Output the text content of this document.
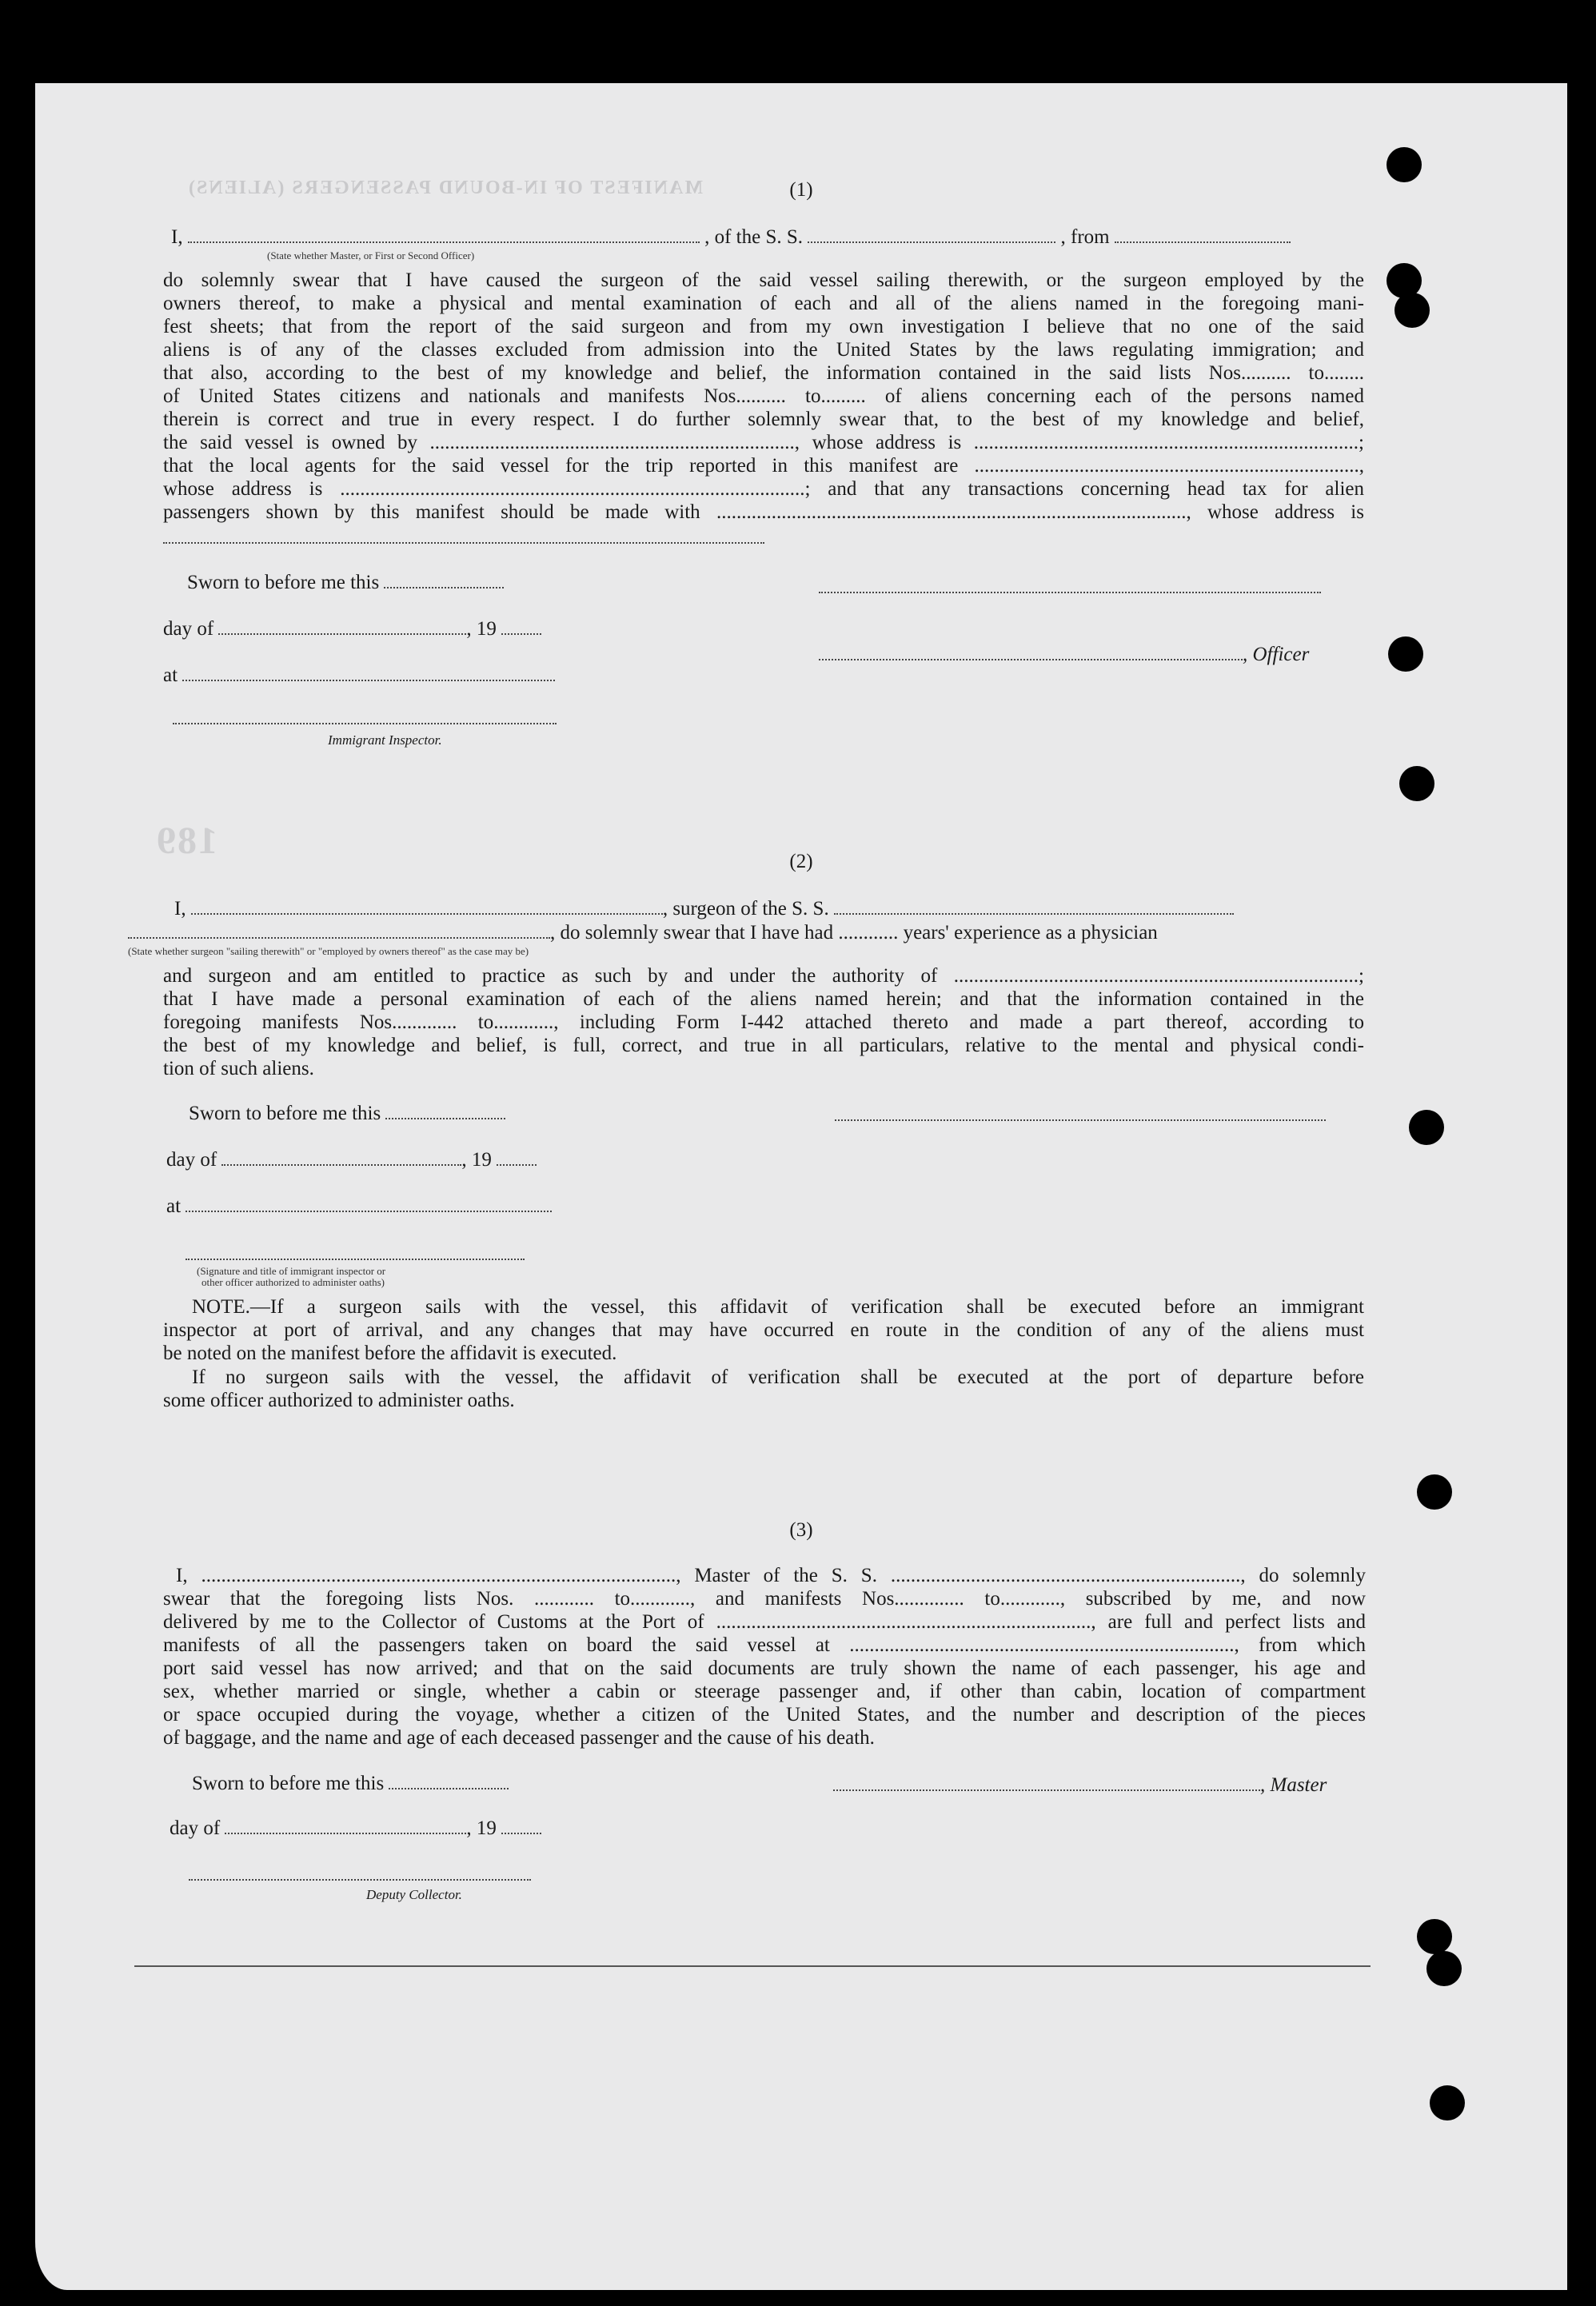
MANIFEST OF IN-BOUND PASSENGERS (ALIENS)
189
(1)
I,	, of the S. S.	, from
(State whether Master, or First or Second Officer)
do solemnly swear that I have caused the surgeon of the said vessel sailing therewith, or the surgeon employed by the
owners thereof, to make a physical and mental examination of each and all of the aliens named in the foregoing mani-
fest sheets; that from the report of the said surgeon and from my own investigation I believe that no one of the said
aliens is of any of the classes excluded from admission into the United States by the laws regulating immigration; and
that also, according to the best of my knowledge and belief, the information contained in the said lists Nos.......... to........
of United States citizens and nationals and manifests Nos.......... to......... of aliens concerning each of the persons named
therein is correct and true in every respect. I do further solemnly swear that, to the best of my knowledge and belief,
the said vessel is owned by ........................................................................., whose address is .............................................................................;
that the local agents for the said vessel for the trip reported in this manifest are .............................................................................,
whose address is .............................................................................................; and that any transactions concerning head tax for alien
passengers shown by this manifest should be made with .............................................................................................., whose address is
Sworn to before me this
day of	, 19
at
Immigrant Inspector.
, Officer
(2)
I,	, surgeon of the S. S.
, do solemnly swear that I have had ............ years' experience as a physician
(State whether surgeon "sailing therewith" or "employed by owners thereof" as the case may be)
and surgeon and am entitled to practice as such by and under the authority of .................................................................................;
that I have made a personal examination of each of the aliens named herein; and that the information contained in the
foregoing manifests Nos............. to............, including Form I-442 attached thereto and made a part thereof, according to
the best of my knowledge and belief, is full, correct, and true in all particulars, relative to the mental and physical condi-
tion of such aliens.
Sworn to before me this
day of	, 19
at
(Signature and title of immigrant inspector or
other officer authorized to administer oaths)
NOTE.—If a surgeon sails with the vessel, this affidavit of verification shall be executed before an immigrant
inspector at port of arrival, and any changes that may have occurred en route in the condition of any of the aliens must
be noted on the manifest before the affidavit is executed.
If no surgeon sails with the vessel, the affidavit of verification shall be executed at the port of departure before
some officer authorized to administer oaths.
(3)
I, ..............................................................................................., Master of the S. S. ......................................................................, do solemnly
swear that the foregoing lists Nos. ............ to............, and manifests Nos.............. to............, subscribed by me, and now
delivered by me to the Collector of Customs at the Port of ..........................................................................., are full and perfect lists and
manifests of all the passengers taken on board the said vessel at ............................................................................., from which
port said vessel has now arrived; and that on the said documents are truly shown the name of each passenger, his age and
sex, whether married or single, whether a cabin or steerage passenger and, if other than cabin, location of compartment
or space occupied during the voyage, whether a citizen of the United States, and the number and description of the pieces
of baggage, and the name and age of each deceased passenger and the cause of his death.
Sworn to before me this	, Master
day of	, 19
Deputy Collector.
